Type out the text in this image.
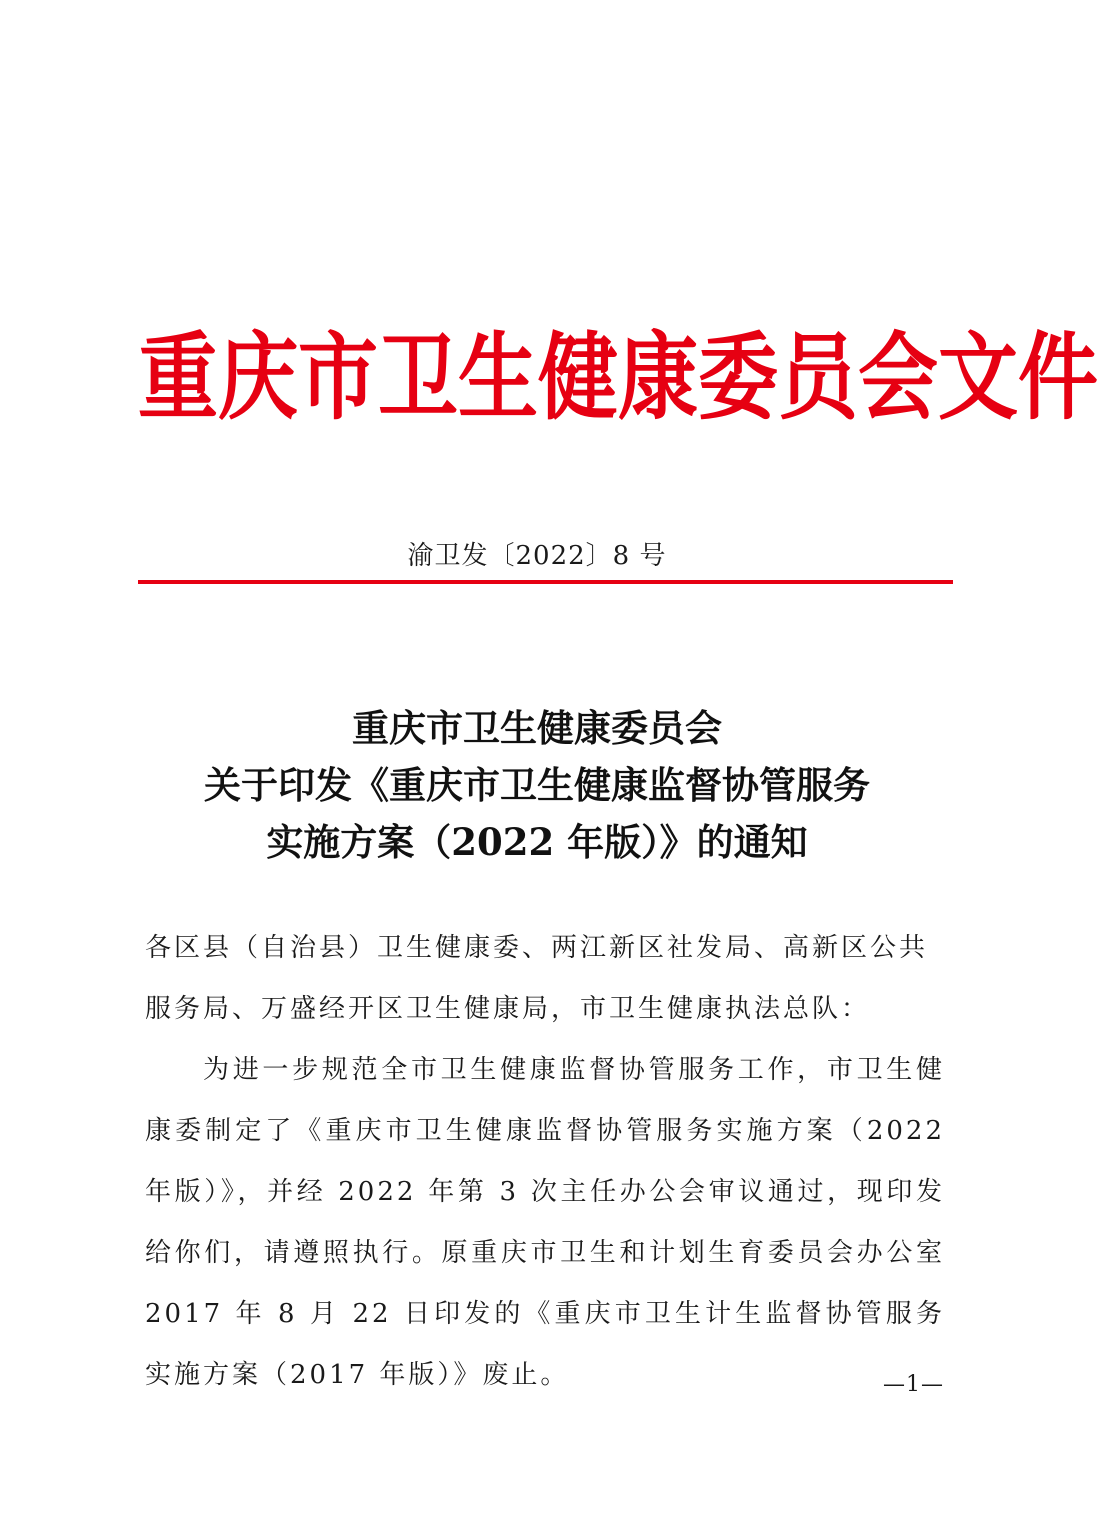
重 庆 市 卫 生 健 康 委 员 会 文 件
渝卫发〔2022〕8 号
重庆市卫生健康委员会
关于印发《重庆市卫生健康监督协管服务
实施方案（2022 年版）》的通知

各区县（自治县）卫生健康委、两江新区社发局、高新区公共服务局、万盛经开区卫生健康局，市卫生健康执法总队：

为进一步规范全市卫生健康监督协管服务工作，市卫生健康委制定了《重庆市卫生健康监督协管服务实施方案（2022 年版）》，并经 2022 年第 3 次主任办公会审议通过，现印发给你们，请遵照执行。原重庆市卫生和计划生育委员会办公室 2017 年 8 月 22 日印发的《重庆市卫生计生监督协管服务实施方案（2017 年版）》废止。	—1—
